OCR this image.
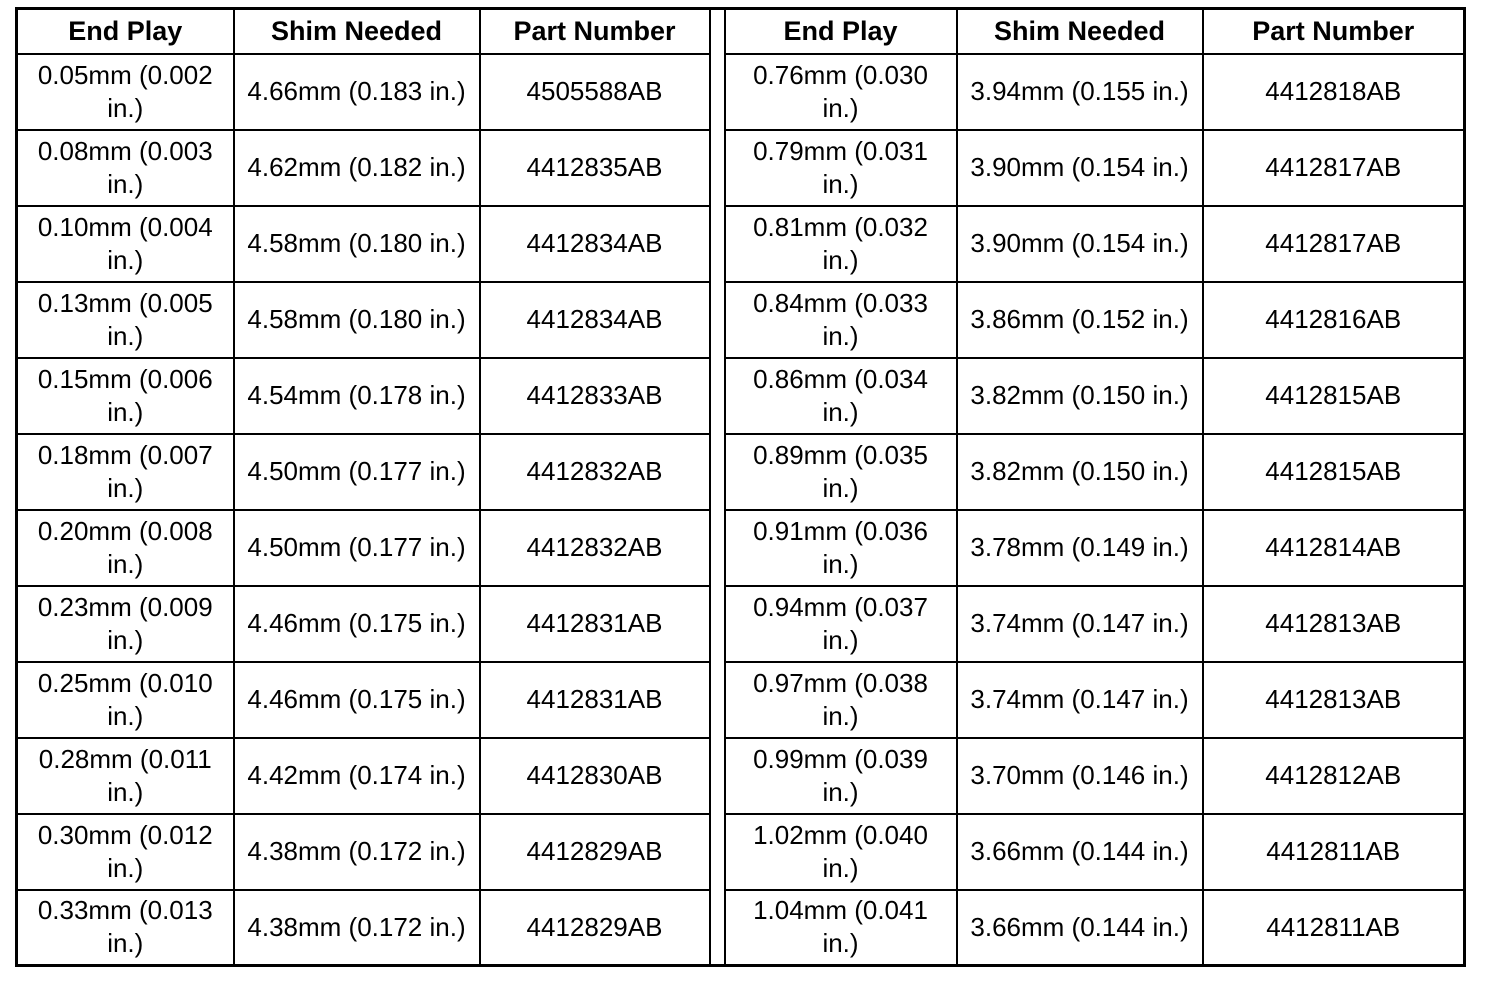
End Play	Shim Needed	Part Number		End Play	Shim Needed	Part Number
0.05mm (0.002 in.)	4.66mm (0.183 in.)	4505588AB		0.76mm (0.030 in.)	3.94mm (0.155 in.)	4412818AB
0.08mm (0.003 in.)	4.62mm (0.182 in.)	4412835AB		0.79mm (0.031 in.)	3.90mm (0.154 in.)	4412817AB
0.10mm (0.004 in.)	4.58mm (0.180 in.)	4412834AB		0.81mm (0.032 in.)	3.90mm (0.154 in.)	4412817AB
0.13mm (0.005 in.)	4.58mm (0.180 in.)	4412834AB		0.84mm (0.033 in.)	3.86mm (0.152 in.)	4412816AB
0.15mm (0.006 in.)	4.54mm (0.178 in.)	4412833AB		0.86mm (0.034 in.)	3.82mm (0.150 in.)	4412815AB
0.18mm (0.007 in.)	4.50mm (0.177 in.)	4412832AB		0.89mm (0.035 in.)	3.82mm (0.150 in.)	4412815AB
0.20mm (0.008 in.)	4.50mm (0.177 in.)	4412832AB		0.91mm (0.036 in.)	3.78mm (0.149 in.)	4412814AB
0.23mm (0.009 in.)	4.46mm (0.175 in.)	4412831AB		0.94mm (0.037 in.)	3.74mm (0.147 in.)	4412813AB
0.25mm (0.010 in.)	4.46mm (0.175 in.)	4412831AB		0.97mm (0.038 in.)	3.74mm (0.147 in.)	4412813AB
0.28mm (0.011 in.)	4.42mm (0.174 in.)	4412830AB		0.99mm (0.039 in.)	3.70mm (0.146 in.)	4412812AB
0.30mm (0.012 in.)	4.38mm (0.172 in.)	4412829AB		1.02mm (0.040 in.)	3.66mm (0.144 in.)	4412811AB
0.33mm (0.013 in.)	4.38mm (0.172 in.)	4412829AB		1.04mm (0.041 in.)	3.66mm (0.144 in.)	4412811AB
